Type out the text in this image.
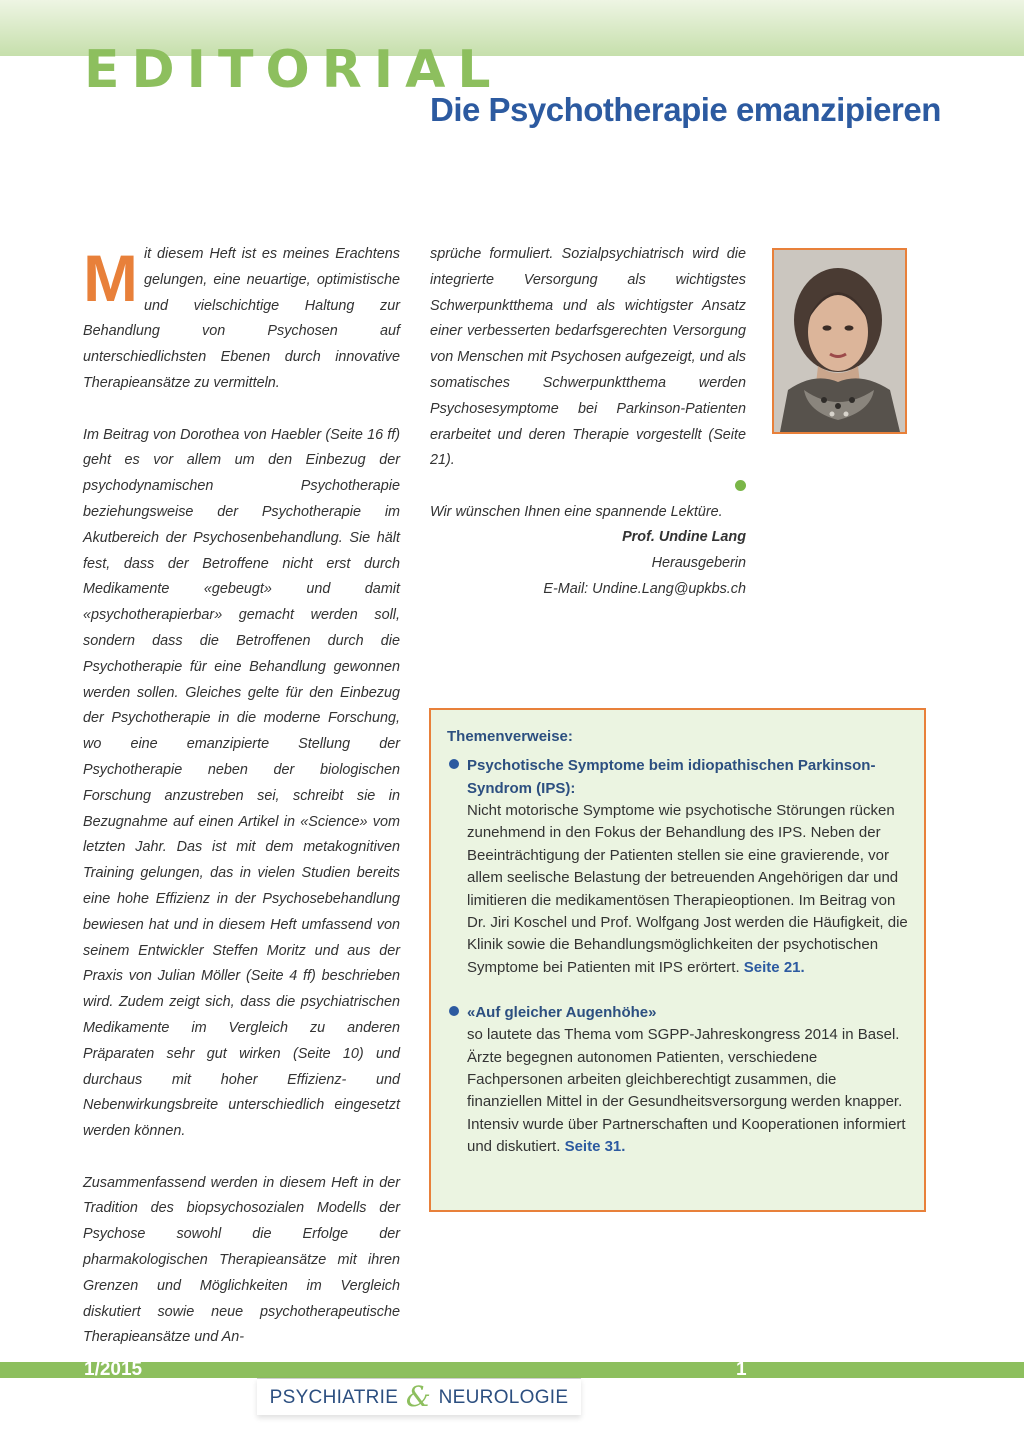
EDITORIAL
Die Psychotherapie emanzipieren

Mit diesem Heft ist es meines Erachtens gelungen, eine neuartige, optimistische und vielschichtige Haltung zur Behandlung von Psychosen auf unterschiedlichsten Ebenen durch innovative Therapieansätze zu vermitteln.

Im Beitrag von Dorothea von Haebler (Seite 16 ff) geht es vor allem um den Einbezug der psychodynamischen Psychotherapie beziehungsweise der Psychotherapie im Akutbereich der Psychosenbehandlung. Sie hält fest, dass der Betroffene nicht erst durch Medikamente «gebeugt» und damit «psychotherapierbar» gemacht werden soll, sondern dass die Betroffenen durch die Psychotherapie für eine Behandlung gewonnen werden sollen. Gleiches gelte für den Einbezug der Psychotherapie in die moderne Forschung, wo eine emanzipierte Stellung der Psychotherapie neben der biologischen Forschung anzustreben sei, schreibt sie in Bezugnahme auf einen Artikel in «Science» vom letzten Jahr. Das ist mit dem metakognitiven Training gelungen, das in vielen Studien bereits eine hohe Effizienz in der Psychosebehandlung bewiesen hat und in diesem Heft umfassend von seinem Entwickler Steffen Moritz und aus der Praxis von Julian Möller (Seite 4 ff) beschrieben wird. Zudem zeigt sich, dass die psychiatrischen Medikamente im Vergleich zu anderen Präparaten sehr gut wirken (Seite 10) und durchaus mit hoher Effizienz- und Nebenwirkungsbreite unterschiedlich eingesetzt werden können.

Zusammenfassend werden in diesem Heft in der Tradition des biopsychosozialen Modells der Psychose sowohl die Erfolge der pharmakologischen Therapieansätze mit ihren Grenzen und Möglichkeiten im Vergleich diskutiert sowie neue psychotherapeutische Therapieansätze und An-

sprüche formuliert. Sozialpsychiatrisch wird die integrierte Versorgung als wichtigstes Schwerpunktthema und als wichtigster Ansatz einer verbesserten bedarfsgerechten Versorgung von Menschen mit Psychosen aufgezeigt, und als somatisches Schwerpunktthema werden Psychosesymptome bei Parkinson-Patienten erarbeitet und deren Therapie vorgestellt (Seite 21).

Wir wünschen Ihnen eine spannende Lektüre.

Prof. Undine Lang
Herausgeberin
E-Mail: Undine.Lang@upkbs.ch
Themenverweise:
Psychotische Symptome beim idiopathischen Parkinson-Syndrom (IPS):
Nicht motorische Symptome wie psychotische Störungen rücken zunehmend in den Fokus der Behandlung des IPS. Neben der Beeinträchtigung der Patienten stellen sie eine gravierende, vor allem seelische Belastung der betreuenden Angehörigen dar und limitieren die medikamentösen Therapieoptionen. Im Beitrag von Dr. Jiri Koschel und Prof. Wolfgang Jost werden die Häufigkeit, die Klinik sowie die Behandlungsmöglichkeiten der psychotischen Symptome bei Patienten mit IPS erörtert. Seite 21.
«Auf gleicher Augenhöhe»
so lautete das Thema vom SGPP-Jahreskongress 2014 in Basel. Ärzte begegnen autonomen Patienten, verschiedene Fachpersonen arbeiten gleichberechtigt zusammen, die finanziellen Mittel in der Gesundheitsversorgung werden knapper. Intensiv wurde über Partnerschaften und Kooperationen informiert und diskutiert. Seite 31.

1/2015	1

PSYCHIATRIE & NEUROLOGIE
